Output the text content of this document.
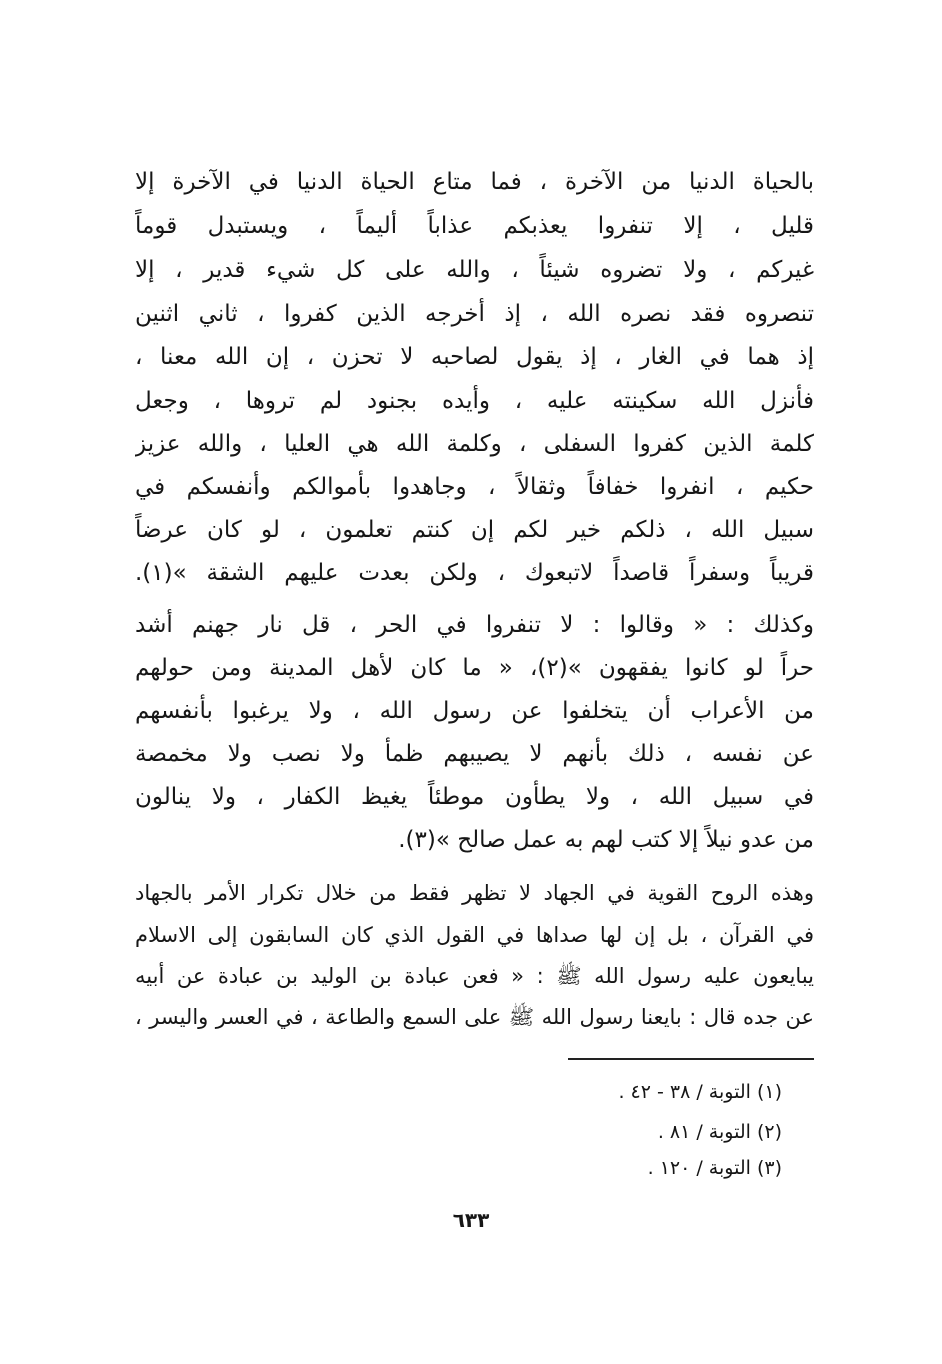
بالحياة الدنيا من الآخرة ، فما متاع الحياة الدنيا في الآخرة إلا
قليل ، إلا تنفروا يعذبكم عذاباً أليماً ، ويستبدل قوماً
غيركم ، ولا تضروه شيئاً ، والله على كل شيء قدير ، إلا
تنصروه فقد نصره الله ، إذ أخرجه الذين كفروا ، ثاني اثنين
إذ هما في الغار ، إذ يقول لصاحبه لا تحزن ، إن الله معنا ،
فأنزل الله سكينته عليه ، وأيده بجنود لم تروها ، وجعل
كلمة الذين كفروا السفلى ، وكلمة الله هي العليا ، والله عزيز
حكيم ، انفروا خفافاً وثقالاً ، وجاهدوا بأموالكم وأنفسكم في
سبيل الله ، ذلكم خير لكم إن كنتم تعلمون ، لو كان عرضاً
قريباً وسفراً قاصداً لاتبعوك ، ولكن بعدت عليهم الشقة »(١).
وكذلك : « وقالوا : لا تنفروا في الحر ، قل نار جهنم أشد
حراً لو كانوا يفقهون »(٢)، « ما كان لأهل المدينة ومن حولهم
من الأعراب أن يتخلفوا عن رسول الله ، ولا يرغبوا بأنفسهم
عن نفسه ، ذلك بأنهم لا يصيبهم ظمأ ولا نصب ولا مخمصة
في سبيل الله ، ولا يطأون موطئاً يغيظ الكفار ، ولا ينالون
من عدو نيلاً إلا كتب لهم به عمل صالح »(٣).
وهذه الروح القوية في الجهاد لا تظهر فقط من خلال تكرار الأمر بالجهاد
في القرآن ، بل إن لها صداها في القول الذي كان السابقون إلى الاسلام
يبايعون عليه رسول الله ﷺ : « فعن عبادة بن الوليد بن عبادة عن أبيه
عن جده قال : بايعنا رسول الله ﷺ على السمع والطاعة ، في العسر واليسر ،
(١) التوبة / ٣٨ - ٤٢ .
(٢) التوبة / ٨١ .
(٣) التوبة / ١٢٠ .
٦٣٣
